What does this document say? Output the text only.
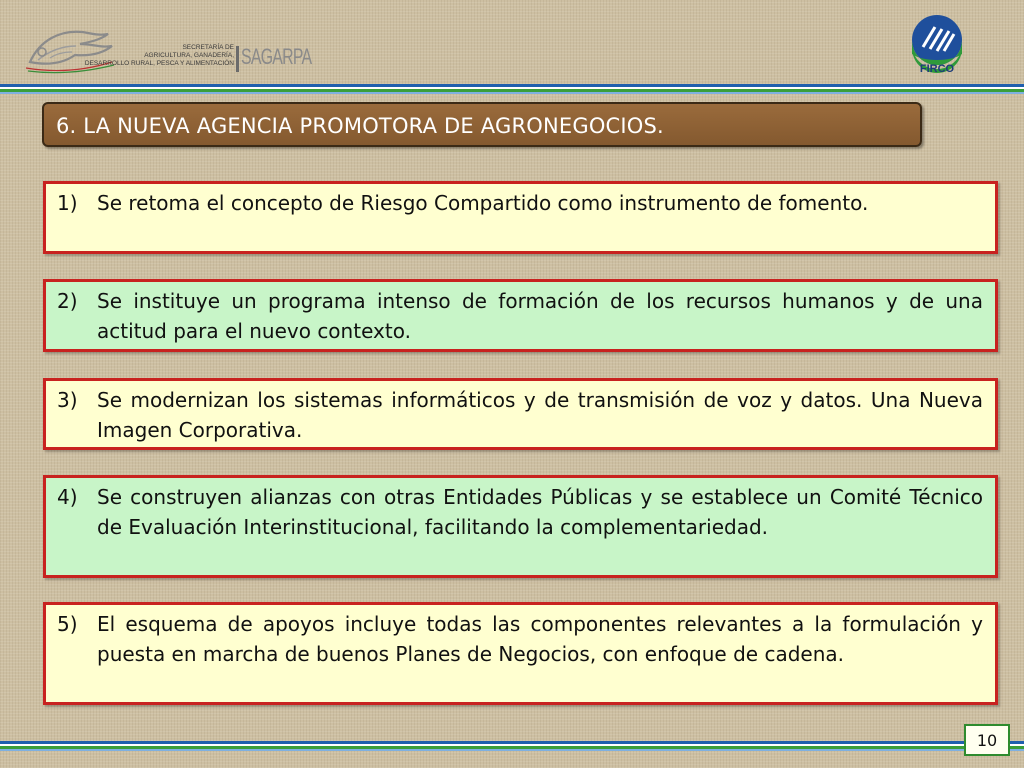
SECRETARÍA DE
AGRICULTURA, GANADERÍA,
DESARROLLO RURAL, PESCA Y ALIMENTACIÓN SAGARPA	FIRCO
6. LA NUEVA AGENCIA PROMOTORA DE AGRONEGOCIOS.
1) Se retoma el concepto de Riesgo Compartido como instrumento de fomento.
2) Se instituye un programa intenso de formación de los recursos humanos y de una actitud para el nuevo contexto.
3) Se modernizan los sistemas informáticos y de transmisión de voz y datos. Una Nueva Imagen Corporativa.
4) Se construyen alianzas con otras Entidades Públicas y se establece un Comité Técnico de Evaluación Interinstitucional, facilitando la complementariedad.
5) El esquema de apoyos incluye todas las componentes relevantes a la formulación y puesta en marcha de buenos Planes de Negocios, con enfoque de cadena.
10
